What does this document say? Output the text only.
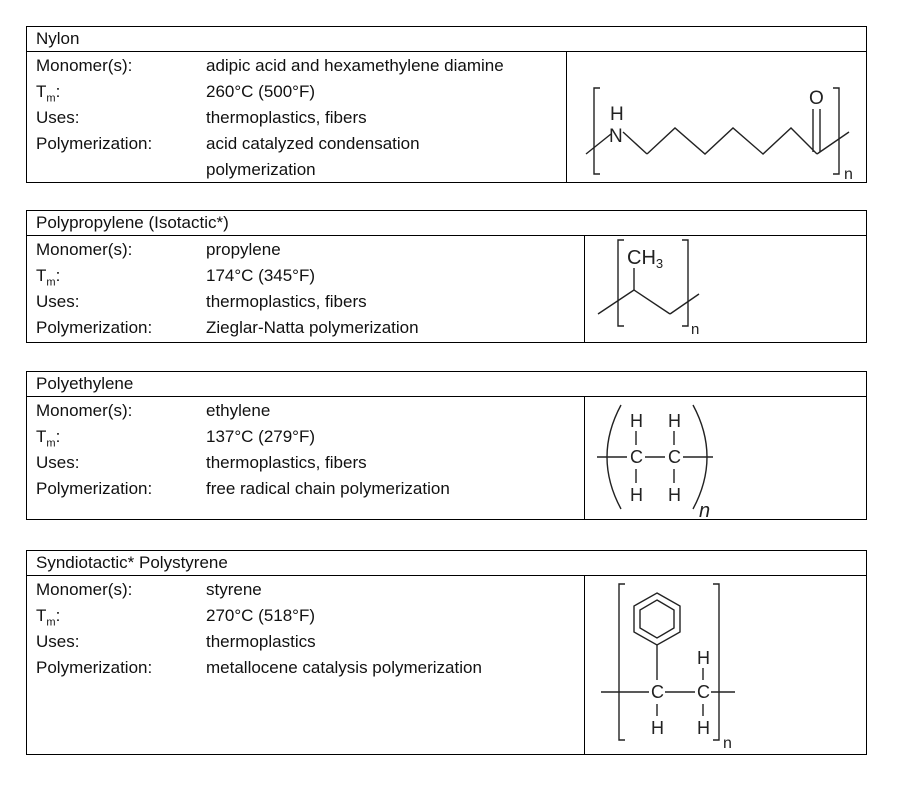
Nylon
Monomer(s):	adipic acid and hexamethylene diamine
$T_m$:	260°C (500°F)
Uses:	thermoplastics, fibers
Polymerization:	acid catalyzed condensation
polymerization
H
N
O
n
Polypropylene (Isotactic*)
Monomer(s):	propylene
$T_m$:	174°C (345°F)
Uses:	thermoplastics, fibers
Polymerization:	Zieglar-Natta polymerization
$CH_3$
n
Polyethylene
Monomer(s):	ethylene
$T_m$:	137°C (279°F)
Uses:	thermoplastics, fibers
Polymerization:	free radical chain polymerization
H H
C C
H H
n
Syndiotactic* Polystyrene
Monomer(s):	styrene
$T_m$:	270°C (518°F)
Uses:	thermoplastics
Polymerization:	metallocene catalysis polymerization
C C
H
H H
n
